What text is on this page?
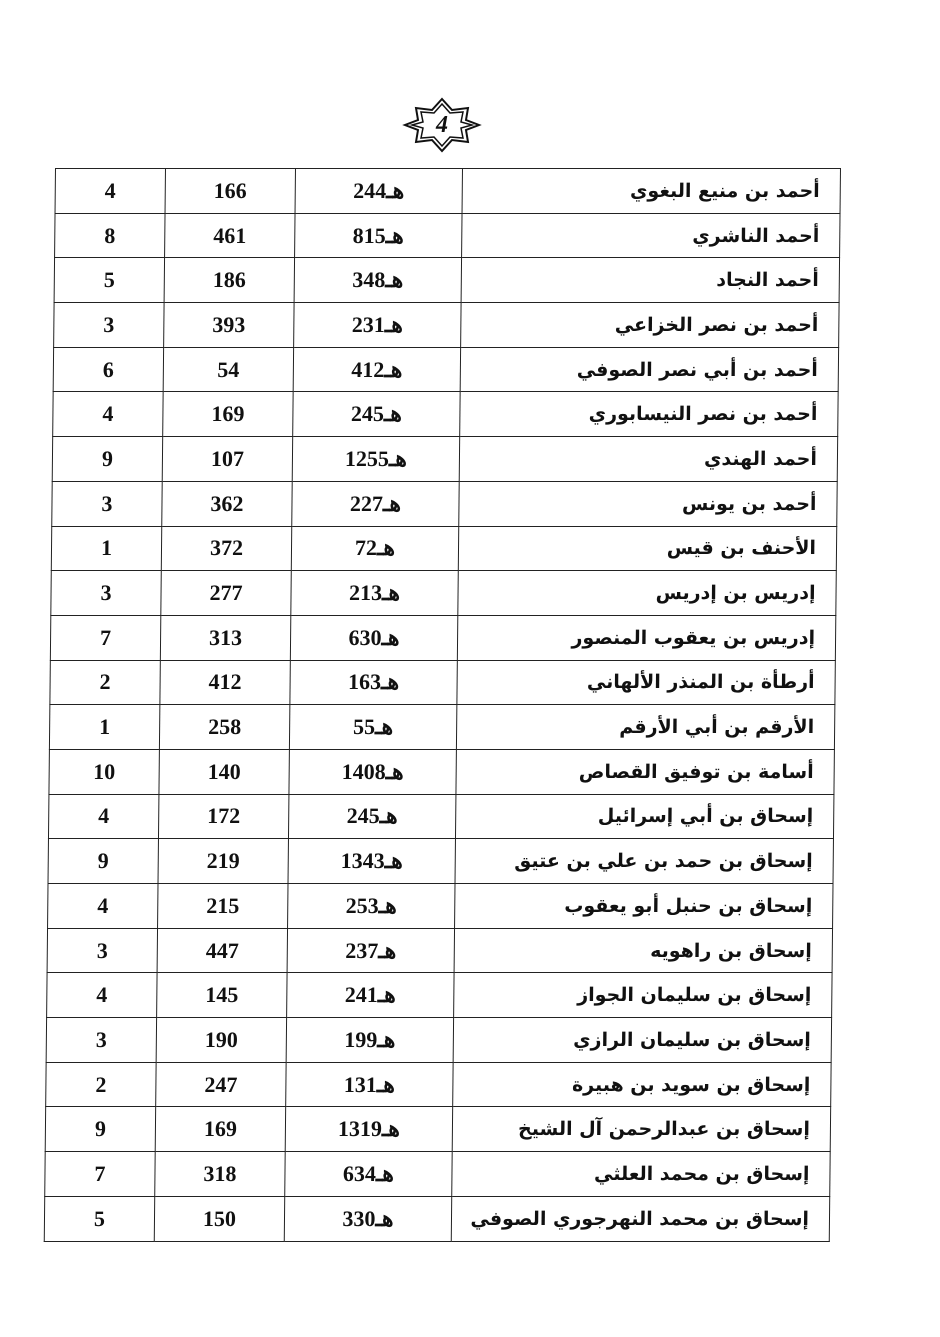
4
4	166	244هـ	أحمد بن منيع البغوي
8	461	815هـ	أحمد الناشري
5	186	348هـ	أحمد النجاد
3	393	231هـ	أحمد بن نصر الخزاعي
6	54	412هـ	أحمد بن أبي نصر الصوفي
4	169	245هـ	أحمد بن نصر النيسابوري
9	107	1255هـ	أحمد الهندي
3	362	227هـ	أحمد بن يونس
1	372	72هـ	الأحنف بن قيس
3	277	213هـ	إدريس بن إدريس
7	313	630هـ	إدريس بن يعقوب المنصور
2	412	163هـ	أرطأة بن المنذر الألهاني
1	258	55هـ	الأرقم بن أبي الأرقم
10	140	1408هـ	أسامة بن توفيق القصاص
4	172	245هـ	إسحاق بن أبي إسرائيل
9	219	1343هـ	إسحاق بن حمد بن علي بن عتيق
4	215	253هـ	إسحاق بن حنبل أبو يعقوب
3	447	237هـ	إسحاق بن راهويه
4	145	241هـ	إسحاق بن سليمان الجواز
3	190	199هـ	إسحاق بن سليمان الرازي
2	247	131هـ	إسحاق بن سويد بن هبيرة
9	169	1319هـ	إسحاق بن عبدالرحمن آل الشيخ
7	318	634هـ	إسحاق بن محمد العلثي
5	150	330هـ	إسحاق بن محمد النهرجوري الصوفي
